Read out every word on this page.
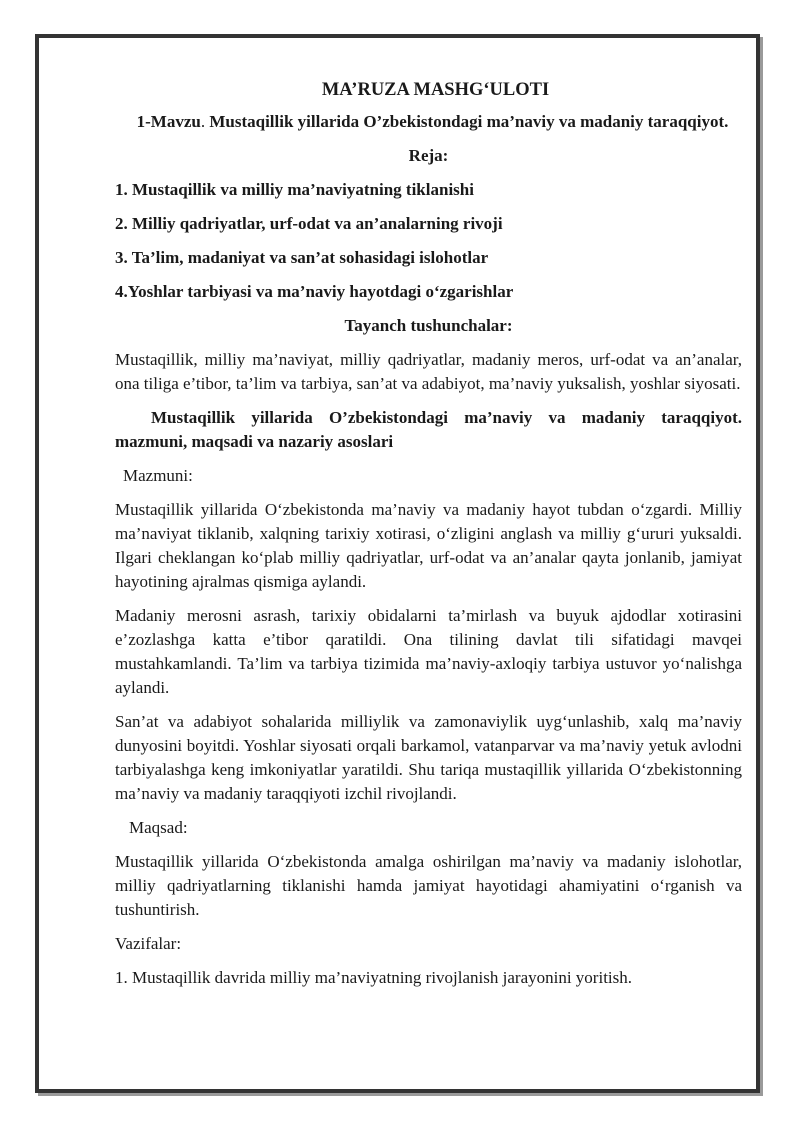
MA’RUZA MASHG‘ULOTI
1-Mavzu. Mustaqillik yillarida O’zbekistondagi ma’naviy va madaniy taraqqiyot.
Reja:
1. Mustaqillik va milliy ma’naviyatning tiklanishi
2. Milliy qadriyatlar, urf-odat va an’analarning rivoji
3. Ta’lim, madaniyat va san’at sohasidagi islohotlar
4.Yoshlar tarbiyasi va ma’naviy hayotdagi o‘zgarishlar
Tayanch tushunchalar:

Mustaqillik, milliy ma’naviyat, milliy qadriyatlar, madaniy meros, urf-odat va an’analar, ona tiliga e’tibor, ta’lim va tarbiya, san’at va adabiyot, ma’naviy yuksalish, yoshlar siyosati.

Mustaqillik yillarida O’zbekistondagi ma’naviy va madaniy taraqqiyot. mazmuni, maqsadi va nazariy asoslari
Mazmuni:

Mustaqillik yillarida O‘zbekistonda ma’naviy va madaniy hayot tubdan o‘zgardi. Milliy ma’naviyat tiklanib, xalqning tarixiy xotirasi, o‘zligini anglash va milliy g‘ururi yuksaldi. Ilgari cheklangan ko‘plab milliy qadriyatlar, urf-odat va an’analar qayta jonlanib, jamiyat hayotining ajralmas qismiga aylandi.

Madaniy merosni asrash, tarixiy obidalarni ta’mirlash va buyuk ajdodlar xotirasini e’zozlashga katta e’tibor qaratildi. Ona tilining davlat tili sifatidagi mavqei mustahkamlandi. Ta’lim va tarbiya tizimida ma’naviy-axloqiy tarbiya ustuvor yo‘nalishga aylandi.

San’at va adabiyot sohalarida milliylik va zamonaviylik uyg‘unlashib, xalq ma’naviy dunyosini boyitdi. Yoshlar siyosati orqali barkamol, vatanparvar va ma’naviy yetuk avlodni tarbiyalashga keng imkoniyatlar yaratildi. Shu tariqa mustaqillik yillarida O‘zbekistonning ma’naviy va madaniy taraqqiyoti izchil rivojlandi.

Maqsad:

Mustaqillik yillarida O‘zbekistonda amalga oshirilgan ma’naviy va madaniy islohotlar, milliy qadriyatlarning tiklanishi hamda jamiyat hayotidagi ahamiyatini o‘rganish va tushuntirish.

Vazifalar:

1. Mustaqillik davrida milliy ma’naviyatning rivojlanish jarayonini yoritish.
